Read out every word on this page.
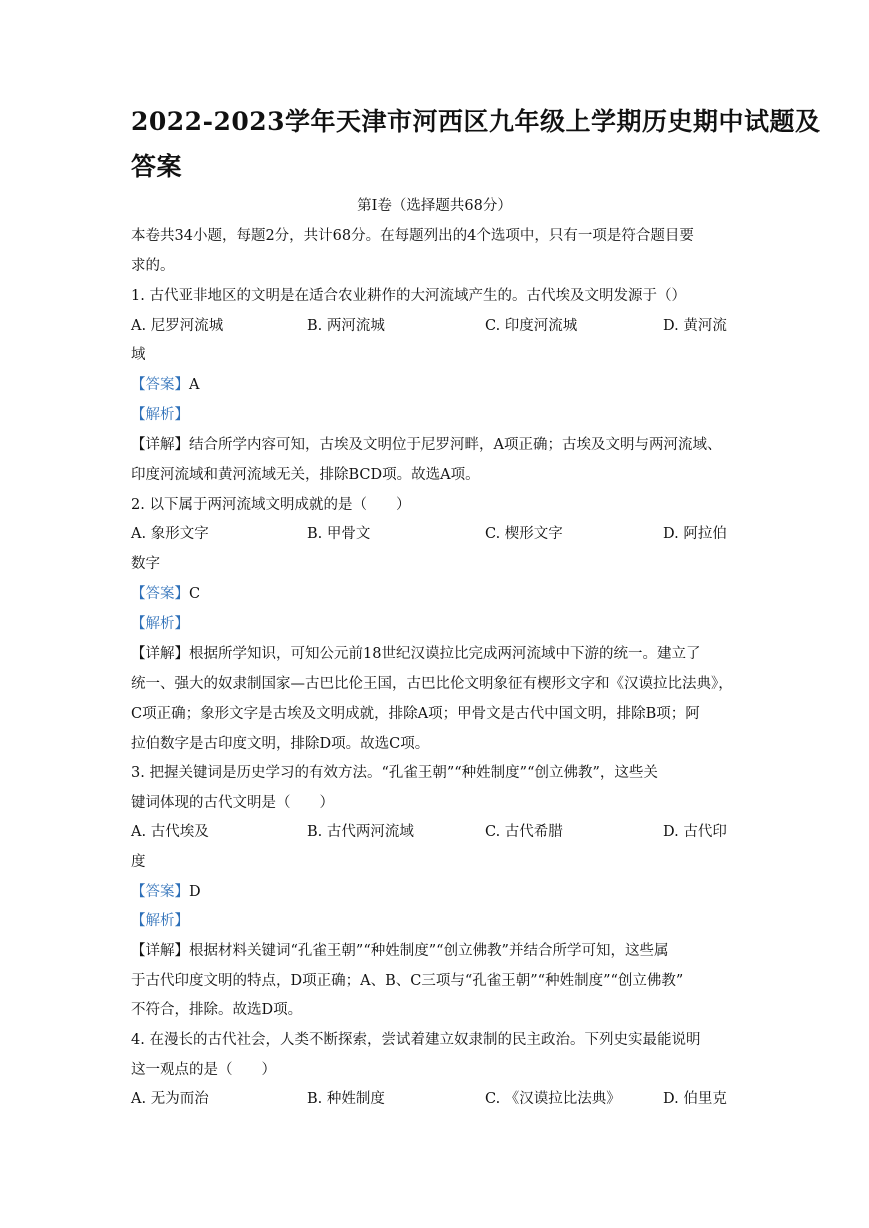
2022-2023学年天津市河西区九年级上学期历史期中试题及
答案
第Ⅰ卷（选择题共68分）
本卷共34小题，每题2分，共计68分。在每题列出的4个选项中，只有一项是符合题目要
求的。
1. 古代亚非地区的文明是在适合农业耕作的大河流域产生的。古代埃及文明发源于（）
A. 尼罗河流城	B. 两河流城	C. 印度河流城	D. 黄河流
域
【答案】A
【解析】
【详解】结合所学内容可知，古埃及文明位于尼罗河畔，A项正确；古埃及文明与两河流域、
印度河流域和黄河流域无关，排除BCD项。故选A项。
2. 以下属于两河流域文明成就的是（　　）
A. 象形文字	B. 甲骨文	C. 楔形文字	D. 阿拉伯
数字
【答案】C
【解析】
【详解】根据所学知识，可知公元前18世纪汉谟拉比完成两河流域中下游的统一。建立了
统一、强大的奴隶制国家—古巴比伦王国，古巴比伦文明象征有楔形文字和《汉谟拉比法典》，
C项正确；象形文字是古埃及文明成就，排除A项；甲骨文是古代中国文明，排除B项；阿
拉伯数字是古印度文明，排除D项。故选C项。
3. 把握关键词是历史学习的有效方法。“孔雀王朝”“种姓制度”“创立佛教”，这些关
键词体现的古代文明是（　　）
A. 古代埃及	B. 古代两河流域	C. 古代希腊	D. 古代印
度
【答案】D
【解析】
【详解】根据材料关键词“孔雀王朝”“种姓制度”“创立佛教”并结合所学可知，这些属
于古代印度文明的特点，D项正确；A、B、C三项与“孔雀王朝”“种姓制度”“创立佛教”
不符合，排除。故选D项。
4. 在漫长的古代社会，人类不断探索，尝试着建立奴隶制的民主政治。下列史实最能说明
这一观点的是（　　）
A. 无为而治	B. 种姓制度	C. 《汉谟拉比法典》	D. 伯里克
